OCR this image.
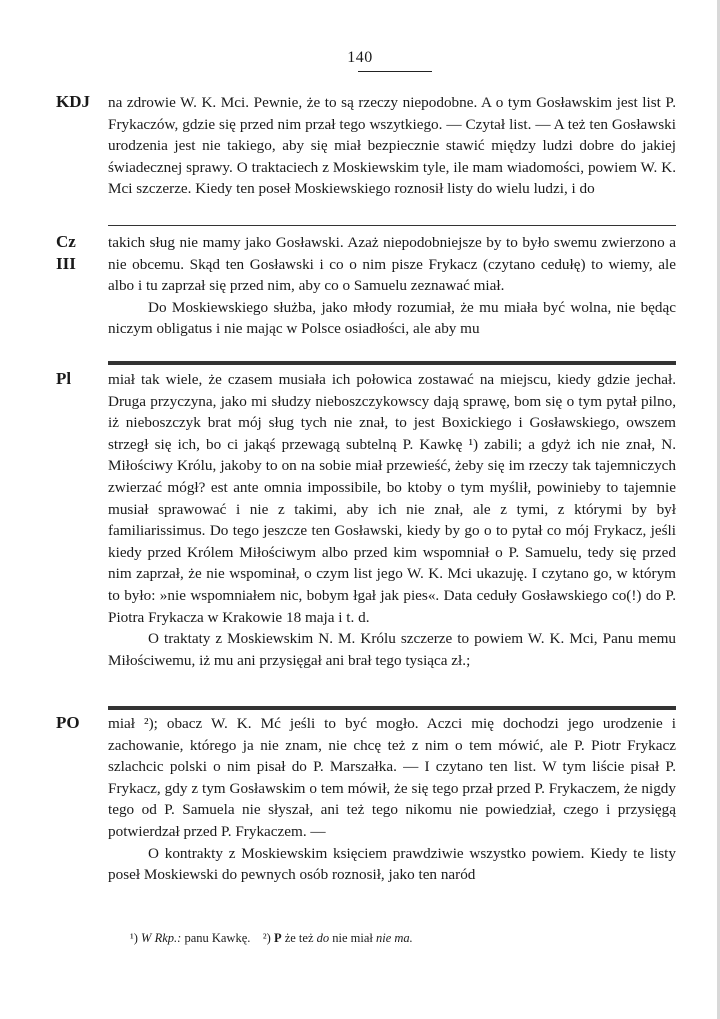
140
KDJ	na zdrowie W. K. Mci. Pewnie, że to są rzeczy niepodobne. A o tym Gosławskim jest list P. Frykaczów, gdzie się przed nim przał tego wszytkiego. — Czytał list. — A też ten Gosławski urodzenia jest nie takiego, aby się miał bezpiecznie stawić między ludzi dobre do jakiej świadecznej sprawy. O traktaciech z Moskiewskim tyle, ile mam wiadomości, powiem W. K. Mci szczerze. Kiedy ten poseł Moskiewskiego roznosił listy do wielu ludzi, i do

Cz
III

takich sług nie mamy jako Gosławski. Azaż niepodobniejsze by to było swemu zwierzono a nie obcemu. Skąd ten Gosławski i co o nim pisze Frykacz (czytano cedułę) to wiemy, ale albo i tu zaprzał się przed nim, aby co o Samuelu zeznawać miał.

Do Moskiewskiego służba, jako młody rozumiał, że mu miała być wolna, nie będąc niczym obligatus i nie mając w Polsce osiadłości, ale aby mu

Pl	miał tak wiele, że czasem musiała ich połowica zostawać na miejscu, kiedy gdzie jechał. Druga przyczyna, jako mi słudzy nieboszczykowscy dają sprawę, bom się o tym pytał pilno, iż nieboszczyk brat mój sług tych nie znał, to jest Boxickiego i Gosławskiego, owszem strzegł się ich, bo ci jakąś przewagą subtelną P. Kawkę ¹) zabili; a gdyż ich nie znał, N. Miłościwy Królu, jakoby to on na sobie miał przewieść, żeby się im rzeczy tak tajemniczych zwierzać mógł? est ante omnia impossibile, bo ktoby o tym myślił, powinieby to tajemnie musiał sprawować i nie z takimi, aby ich nie znał, ale z tymi, z którymi by był familiarissimus. Do tego jeszcze ten Gosławski, kiedy by go o to pytał co mój Frykacz, jeśli kiedy przed Królem Miłościwym albo przed kim wspomniał o P. Samuelu, tedy się przed nim zaprzał, że nie wspominał, o czym list jego W. K. Mci ukazuję. I czytano go, w którym to było: »nie wspomniałem nic, bobym łgał jak pies«. Data ceduły Gosławskiego co(!) do P. Piotra Frykacza w Krakowie 18 maja i t. d.

O traktaty z Moskiewskim N. M. Królu szczerze to powiem W. K. Mci, Panu memu Miłościwemu, iż mu ani przysięgał ani brał tego tysiąca zł.;

PO	miał ²); obacz W. K. Mć jeśli to być mogło. Aczci mię dochodzi jego urodzenie i zachowanie, którego ja nie znam, nie chcę też z nim o tem mówić, ale P. Piotr Frykacz szlachcic polski o nim pisał do P. Marszałka. — I czytano ten list. W tym liście pisał P. Frykacz, gdy z tym Gosławskim o tem mówił, że się tego przał przed P. Frykaczem, że nigdy tego od P. Samuela nie słyszał, ani też tego nikomu nie powiedział, czego i przysięgą potwierdzał przed P. Frykaczem. —

O kontrakty z Moskiewskim księciem prawdziwie wszystko powiem. Kiedy te listy poseł Moskiewski do pewnych osób roznosił, jako ten naród

¹) W Rkp.: panu Kawkę. ²) P że też do nie miał nie ma.
